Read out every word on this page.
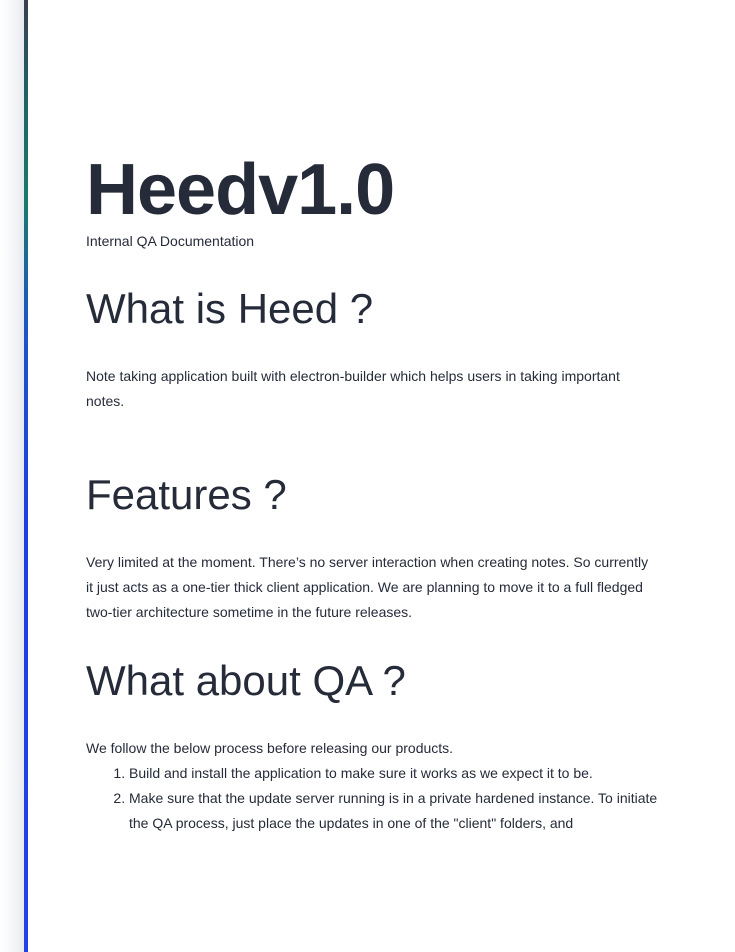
Heedv1.0
Internal QA Documentation
What is Heed ?

Note taking application built with electron-builder which helps users in taking important notes.

Features ?

Very limited at the moment. There’s no server interaction when creating notes. So currently it just acts as a one-tier thick client application. We are planning to move it to a full fledged two-tier architecture sometime in the future releases.

What about QA ?

We follow the below process before releasing our products.

1. Build and install the application to make sure it works as we expect it to be.
2. Make sure that the update server running is in a private hardened instance. To initiate the QA process, just place the updates in one of the "client" folders, and
